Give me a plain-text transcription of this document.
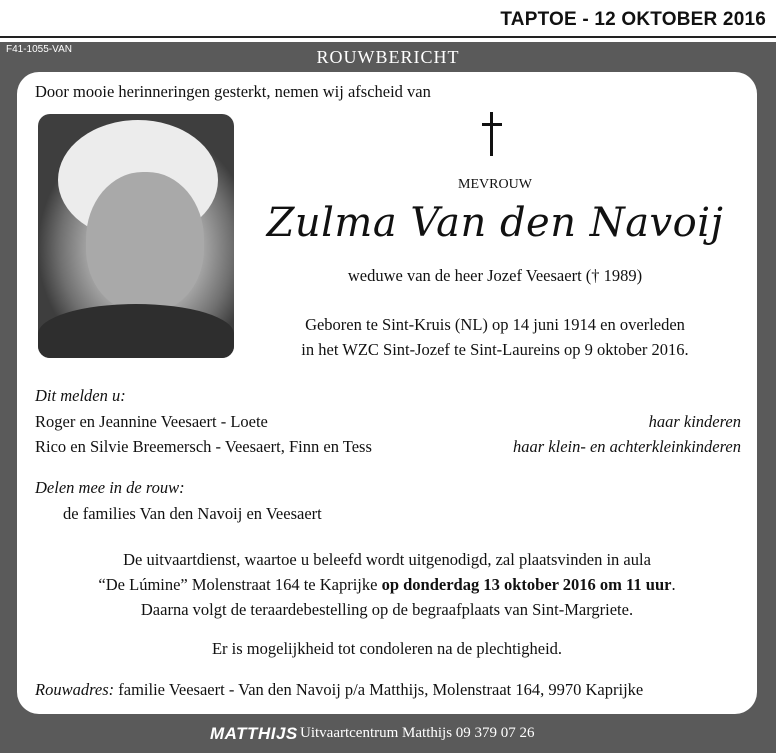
TAPTOE - 12 OKTOBER 2016
F41-1055-VAN	ROUWBERICHT
Door mooie herinneringen gesterkt, nemen wij afscheid van
MEVROUW
Zulma Van den Navoij
weduwe van de heer Jozef Veesaert († 1989)
Geboren te Sint-Kruis (NL) op 14 juni 1914 en overleden
in het WZC Sint-Jozef te Sint-Laureins op 9 oktober 2016.
Dit melden u:
Roger en Jeannine Veesaert - Loete	haar kinderen
Rico en Silvie Breemersch - Veesaert, Finn en Tess	haar klein- en achterkleinkinderen
Delen mee in de rouw:
de families Van den Navoij en Veesaert
De uitvaartdienst, waartoe u beleefd wordt uitgenodigd, zal plaatsvinden in aula
“De Lúmine” Molenstraat 164 te Kaprijke op donderdag 13 oktober 2016 om 11 uur.
Daarna volgt de teraardebestelling op de begraafplaats van Sint-Margriete.
Er is mogelijkheid tot condoleren na de plechtigheid.
Rouwadres: familie Veesaert - Van den Navoij p/a Matthijs, Molenstraat 164, 9970 Kaprijke
MATTHIJS Uitvaartcentrum Matthijs 09 379 07 26
